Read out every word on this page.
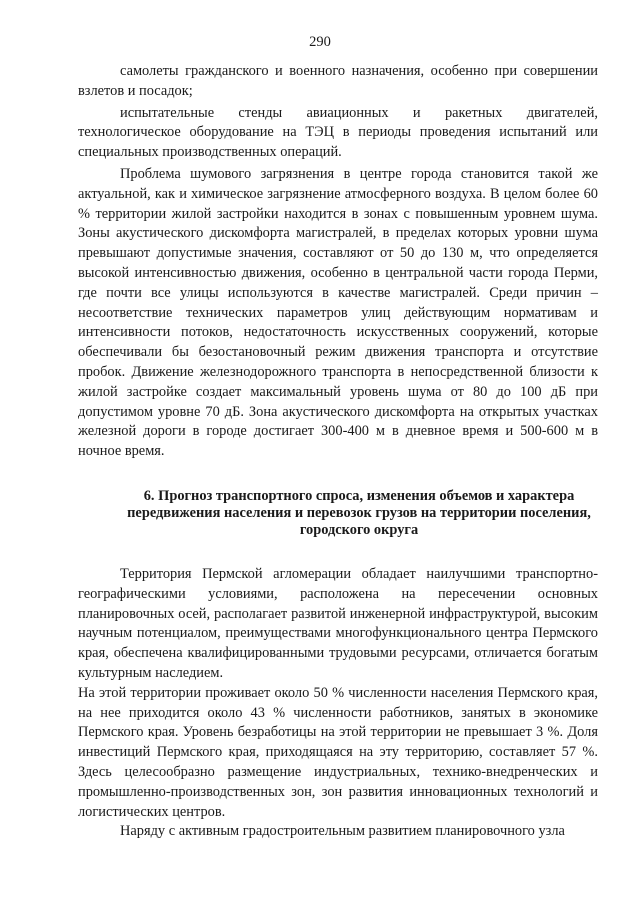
290

самолеты гражданского и военного назначения, особенно при совершении взлетов и посадок;

испытательные стенды авиационных и ракетных двигателей, технологическое оборудование на ТЭЦ в периоды проведения испытаний или специальных производственных операций.

Проблема шумового загрязнения в центре города становится такой же актуальной, как и химическое загрязнение атмосферного воздуха. В целом более 60 % территории жилой застройки находится в зонах с повышенным уровнем шума. Зоны акустического дискомфорта магистралей, в пределах которых уровни шума превышают допустимые значения, составляют от 50 до 130 м, что определяется высокой интенсивностью движения, особенно в центральной части города Перми, где почти все улицы используются в качестве магистралей. Среди причин – несоответствие технических параметров улиц действующим нормативам и интенсивности потоков, недостаточность искусственных сооружений, которые обеспечивали бы безостановочный режим движения транспорта и отсутствие пробок. Движение железнодорожного транспорта в непосредственной близости к жилой застройке создает максимальный уровень шума от 80 до 100 дБ при допустимом уровне 70 дБ. Зона акустического дискомфорта на открытых участках железной дороги в городе достигает 300-400 м в дневное время и 500-600 м в ночное время.

6. Прогноз транспортного спроса, изменения объемов и характера передвижения населения и перевозок грузов на территории поселения, городского округа

Территория Пермской агломерации обладает наилучшими транспортно-географическими условиями, расположена на пересечении основных планировочных осей, располагает развитой инженерной инфраструктурой, высоким научным потенциалом, преимуществами многофункционального центра Пермского края, обеспечена квалифицированными трудовыми ресурсами, отличается богатым культурным наследием.

На этой территории проживает около 50 % численности населения Пермского края, на нее приходится около 43 % численности работников, занятых в экономике Пермского края. Уровень безработицы на этой территории не превышает 3 %. Доля инвестиций Пермского края, приходящаяся на эту территорию, составляет 57 %. Здесь целесообразно размещение индустриальных, технико-внедренческих и промышленно-производственных зон, зон развития инновационных технологий и логистических центров.

Наряду с активным градостроительным развитием планировочного узла
